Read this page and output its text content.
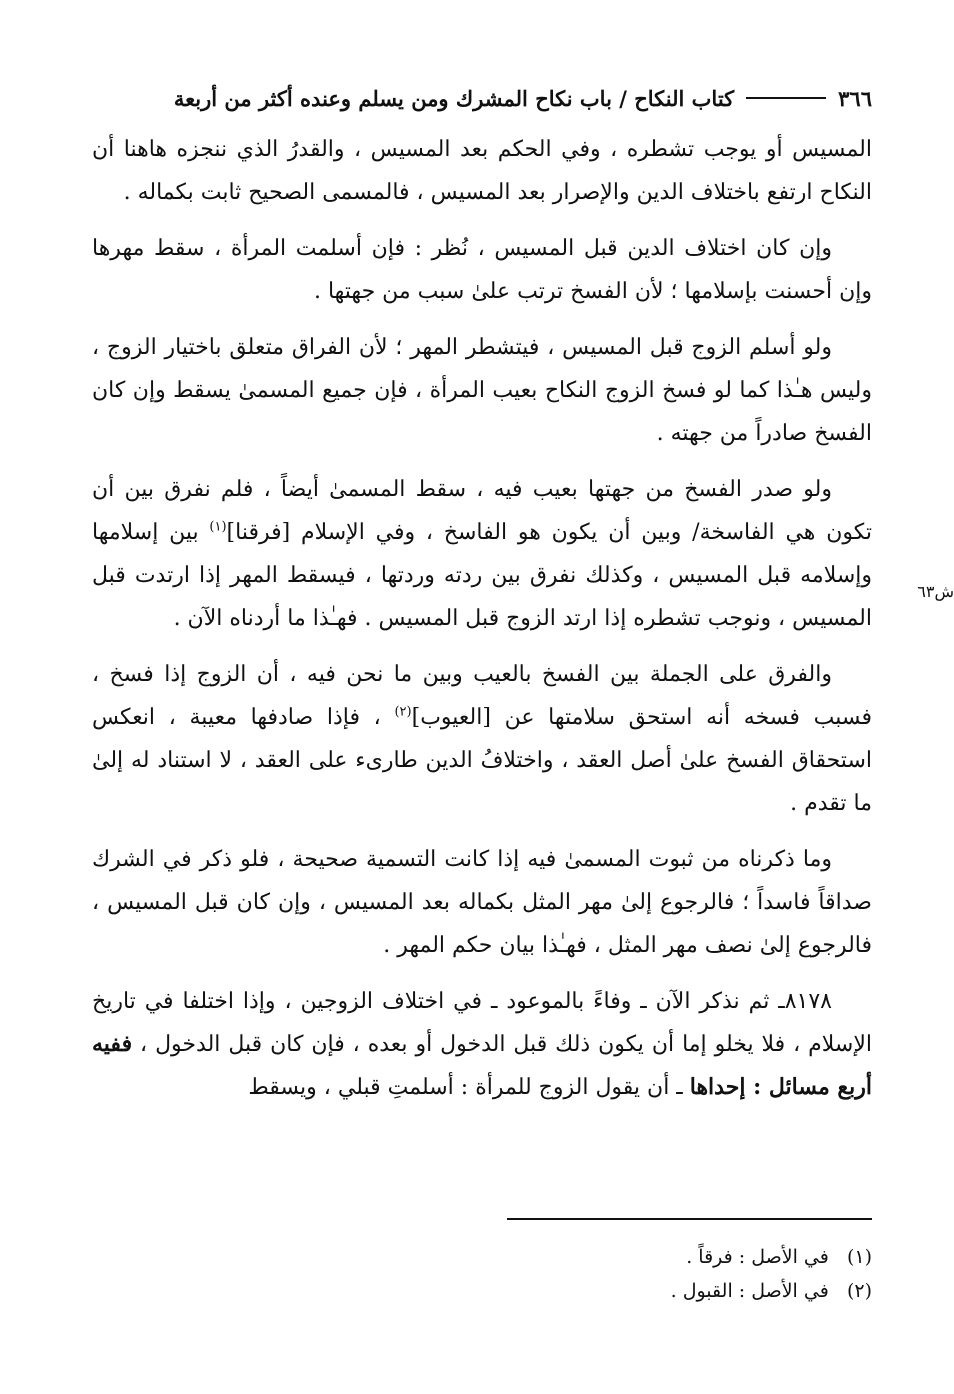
٣٦٦
كتاب النكاح / باب نكاح المشرك ومن يسلم وعنده أكثر من أربعة
ش٦٣

المسيس أو يوجب تشطره ، وفي الحكم بعد المسيس ، والقدرُ الذي ننجزه هاهنا أن النكاح ارتفع باختلاف الدين والإصرار بعد المسيس ، فالمسمى الصحيح ثابت بكماله .

وإن كان اختلاف الدين قبل المسيس ، نُظر : فإن أسلمت المرأة ، سقط مهرها وإن أحسنت بإسلامها ؛ لأن الفسخ ترتب علىٰ سبب من جهتها .

ولو أسلم الزوج قبل المسيس ، فيتشطر المهر ؛ لأن الفراق متعلق باختيار الزوج ، وليس هـٰذا كما لو فسخ الزوج النكاح بعيب المرأة ، فإن جميع المسمىٰ يسقط وإن كان الفسخ صادراً من جهته .

ولو صدر الفسخ من جهتها بعيب فيه ، سقط المسمىٰ أيضاً ، فلم نفرق بين أن تكون هي الفاسخة/ وبين أن يكون هو الفاسخ ، وفي الإسلام [فرقنا]$^{(١)}$ بين إسلامها وإسلامه قبل المسيس ، وكذلك نفرق بين ردته وردتها ، فيسقط المهر إذا ارتدت قبل المسيس ، ونوجب تشطره إذا ارتد الزوج قبل المسيس . فهـٰذا ما أردناه الآن .

والفرق على الجملة بين الفسخ بالعيب وبين ما نحن فيه ، أن الزوج إذا فسخ ، فسبب فسخه أنه استحق سلامتها عن [العيوب]$^{(٢)}$ ، فإذا صادفها معيبة ، انعكس استحقاق الفسخ علىٰ أصل العقد ، واختلافُ الدين طارىء على العقد ، لا استناد له إلىٰ ما تقدم .

وما ذكرناه من ثبوت المسمىٰ فيه إذا كانت التسمية صحيحة ، فلو ذكر في الشرك صداقاً فاسداً ؛ فالرجوع إلىٰ مهر المثل بكماله بعد المسيس ، وإن كان قبل المسيس ، فالرجوع إلىٰ نصف مهر المثل ، فهـٰذا بيان حكم المهر .

٨١٧٨ـ ثم نذكر الآن ـ وفاءً بالموعود ـ في اختلاف الزوجين ، وإذا اختلفا في تاريخ الإسلام ، فلا يخلو إما أن يكون ذلك قبل الدخول أو بعده ، فإن كان قبل الدخول ، ففيه أربع مسائل : إحداها ـ أن يقول الزوج للمرأة : أسلمتِ قبلي ، ويسقط

(١)   في الأصل : فرقاً .
(٢)   في الأصل : القبول .
